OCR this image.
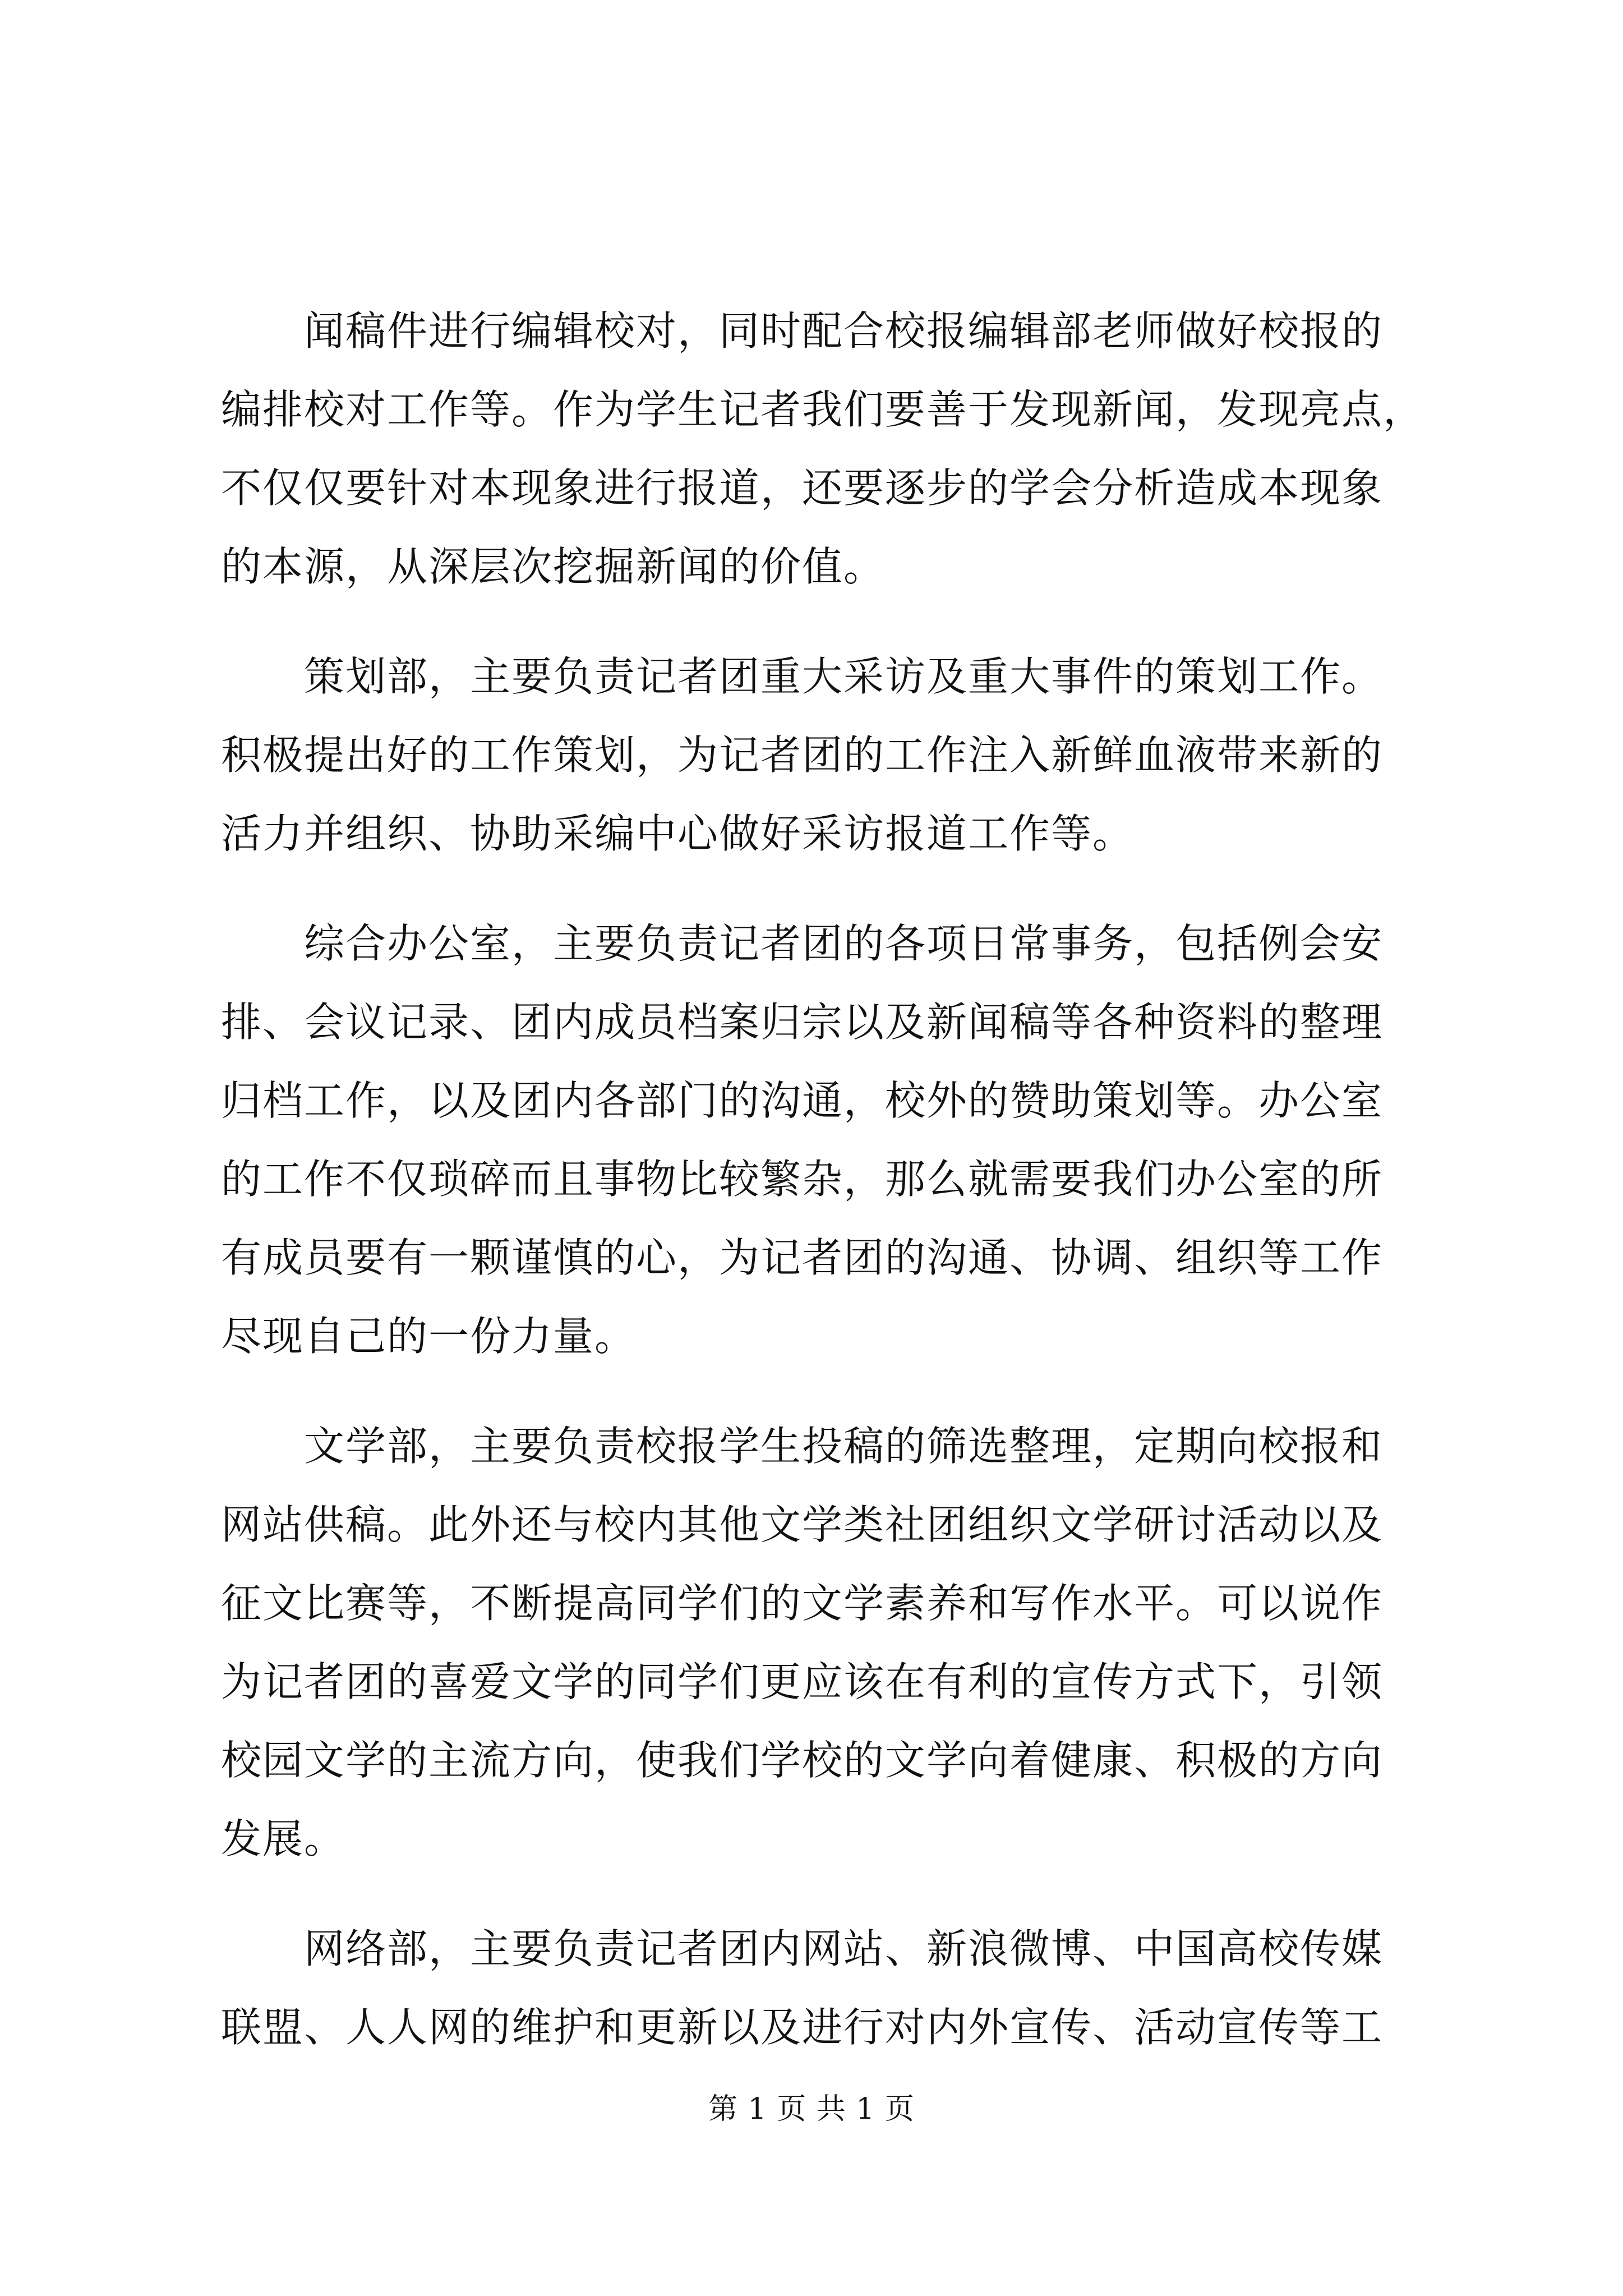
闻稿件进行编辑校对，同时配合校报编辑部老师做好校报的
编排校对工作等。作为学生记者我们要善于发现新闻，发现亮点，
不仅仅要针对本现象进行报道，还要逐步的学会分析造成本现象
的本源，从深层次挖掘新闻的价值。
策划部，主要负责记者团重大采访及重大事件的策划工作。
积极提出好的工作策划，为记者团的工作注入新鲜血液带来新的
活力并组织、协助采编中心做好采访报道工作等。
综合办公室，主要负责记者团的各项日常事务，包括例会安
排、会议记录、团内成员档案归宗以及新闻稿等各种资料的整理
归档工作，以及团内各部门的沟通，校外的赞助策划等。办公室
的工作不仅琐碎而且事物比较繁杂，那么就需要我们办公室的所
有成员要有一颗谨慎的心，为记者团的沟通、协调、组织等工作
尽现自己的一份力量。
文学部，主要负责校报学生投稿的筛选整理，定期向校报和
网站供稿。此外还与校内其他文学类社团组织文学研讨活动以及
征文比赛等，不断提高同学们的文学素养和写作水平。可以说作
为记者团的喜爱文学的同学们更应该在有利的宣传方式下，引领
校园文学的主流方向，使我们学校的文学向着健康、积极的方向
发展。
网络部，主要负责记者团内网站、新浪微博、中国高校传媒
联盟、人人网的维护和更新以及进行对内外宣传、活动宣传等工
第 1 页 共 1 页
